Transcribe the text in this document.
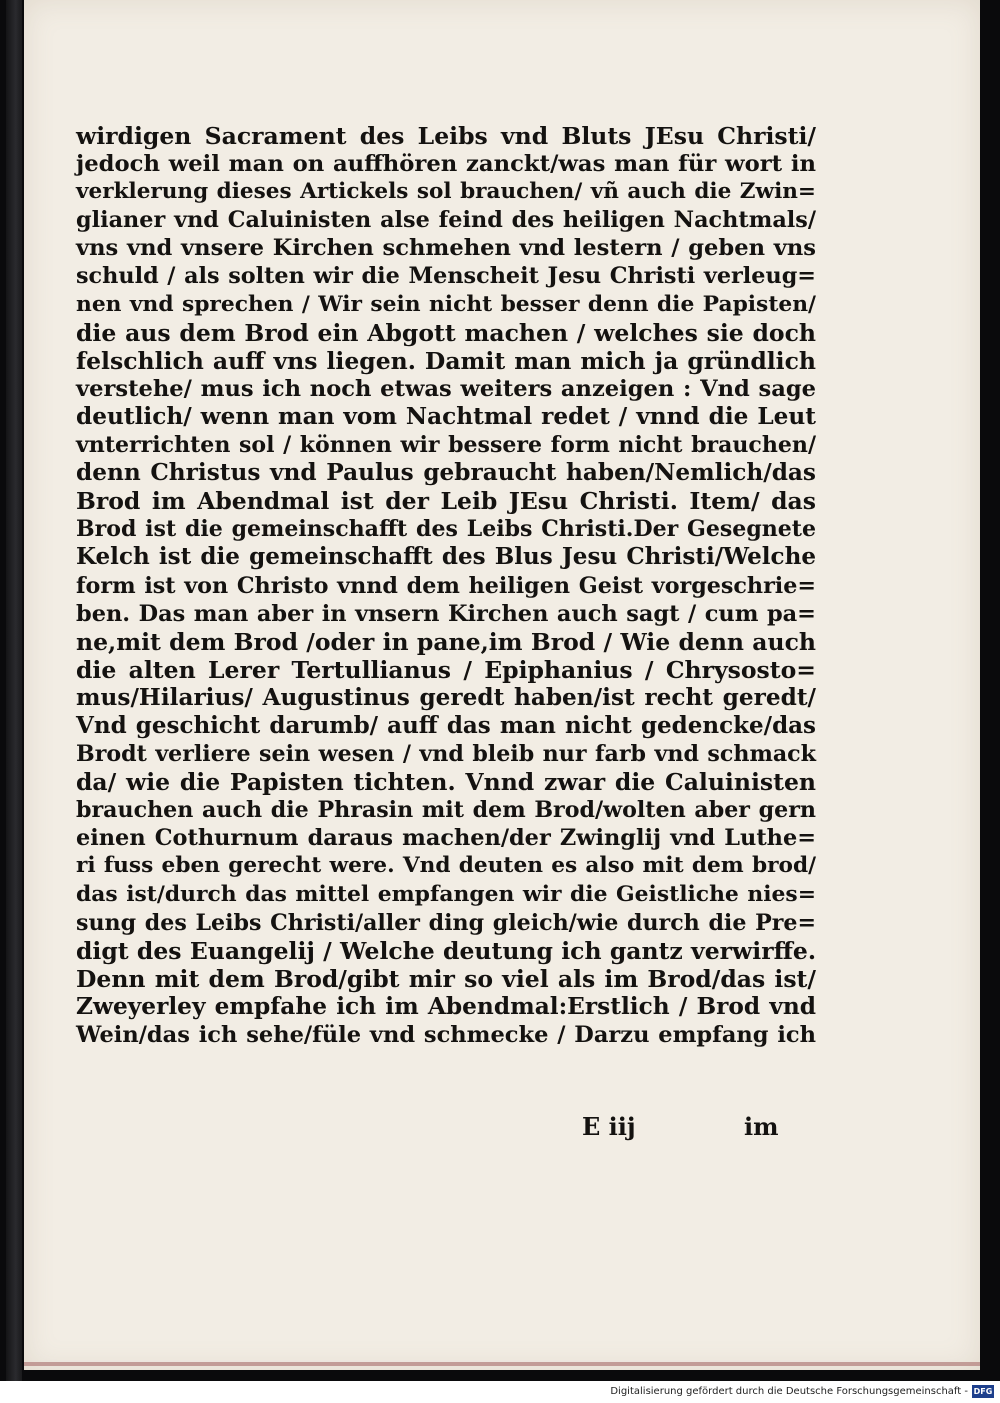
wirdigen Sacrament des Leibs vnd Bluts JEsu Christi/
jedoch weil man on auffhören zanckt/was man für wort in
verklerung dieses Artickels sol brauchen/ vñ auch die Zwin=
glianer vnd Caluinisten alse feind des heiligen Nachtmals/
vns vnd vnsere Kirchen schmehen vnd lestern / geben vns
schuld / als solten wir die Menscheit Jesu Christi verleug=
nen vnd sprechen / Wir sein nicht besser denn die Papisten/
die aus dem Brod ein Abgott machen / welches sie doch
felschlich auff vns liegen. Damit man mich ja gründlich
verstehe/ mus ich noch etwas weiters anzeigen : Vnd sage
deutlich/ wenn man vom Nachtmal redet / vnnd die Leut
vnterrichten sol / können wir bessere form nicht brauchen/
denn Christus vnd Paulus gebraucht haben/Nemlich/das
Brod im Abendmal ist der Leib JEsu Christi. Item/ das
Brod ist die gemeinschafft des Leibs Christi.Der Gesegnete
Kelch ist die gemeinschafft des Blus Jesu Christi/Welche
form ist von Christo vnnd dem heiligen Geist vorgeschrie=
ben. Das man aber in vnsern Kirchen auch sagt / cum pa=
ne,mit dem Brod /oder in pane,im Brod / Wie denn auch
die alten Lerer Tertullianus / Epiphanius / Chrysosto=
mus/Hilarius/ Augustinus geredt haben/ist recht geredt/
Vnd geschicht darumb/ auff das man nicht gedencke/das
Brodt verliere sein wesen / vnd bleib nur farb vnd schmack
da/ wie die Papisten tichten. Vnnd zwar die Caluinisten
brauchen auch die Phrasin mit dem Brod/wolten aber gern
einen Cothurnum daraus machen/der Zwinglij vnd Luthe=
ri fuss eben gerecht were. Vnd deuten es also mit dem brod/
das ist/durch das mittel empfangen wir die Geistliche nies=
sung des Leibs Christi/aller ding gleich/wie durch die Pre=
digt des Euangelij / Welche deutung ich gantz verwirffe.
Denn mit dem Brod/gibt mir so viel als im Brod/das ist/
Zweyerley empfahe ich im Abendmal:Erstlich / Brod vnd
Wein/das ich sehe/füle vnd schmecke / Darzu empfang ich
E iij	im
Digitalisierung gefördert durch die Deutsche Forschungsgemeinschaft - DFG
